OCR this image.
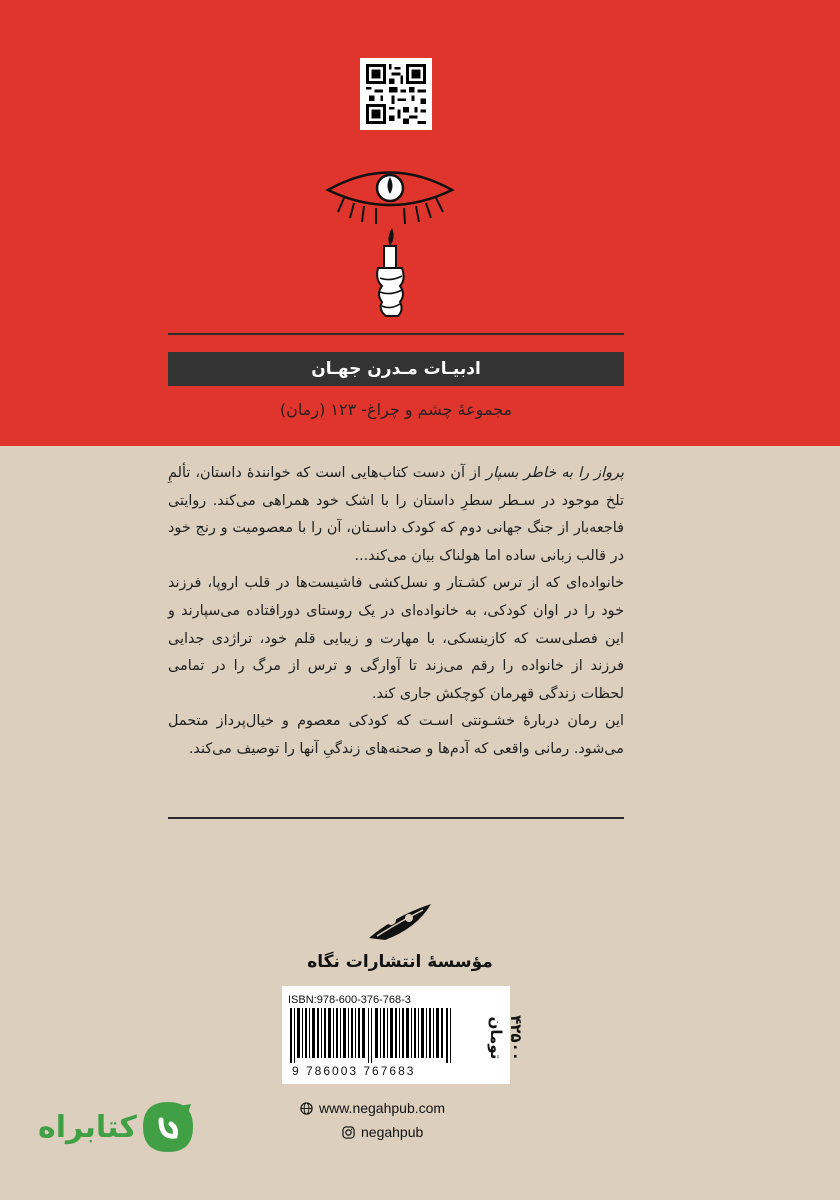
ادبیـات مـدرن جهـان
مجموعهٔ چشم و چراغ- ۱۲۳ (رمان)

پرواز را به خاطر بسپار از آن دست کتاب‌هایی است که خوانندهٔ داستان، تألمِ تلخ موجود در سـطر سطرِ داستان را با اشک خود همراهی می‌کند. روایتی فاجعه‌بار از جنگ جهانی دوم که کودک داسـتان، آن را با معصومیت و رنج خود در قالب زبانی ساده اما هولناک بیان می‌کند...

خانواده‌ای که از ترس کشـتار و نسل‌کشی فاشیست‌ها در قلب اروپا، فرزند خود را در اوان کودکی، به خانواده‌ای در یک روستای دورافتاده می‌سپارند و این فصلی‌ست که کازینسکی، با مهارت و زیبایی قلم خود، تراژدی جدایی فرزند از خانواده را رقم می‌زند تا آوارگی و ترس از مرگ را در تمامی لحظات زندگی قهرمان کوچکش جاری کند.

این رمان دربارهٔ خشـونتی اسـت که کودکی معصوم و خیال‌پرداز متحمل می‌شود. رمانی واقعی که آدم‌ها و صحنه‌های زندگیِ آنها را توصیف می‌کند.

مؤسسهٔ انتشارات نگاه
ISBN:978-600-376-768-3
9 786003 767683
۴۲۵۰۰ تومان
www.negahpub.com
negahpub
کتابراه
